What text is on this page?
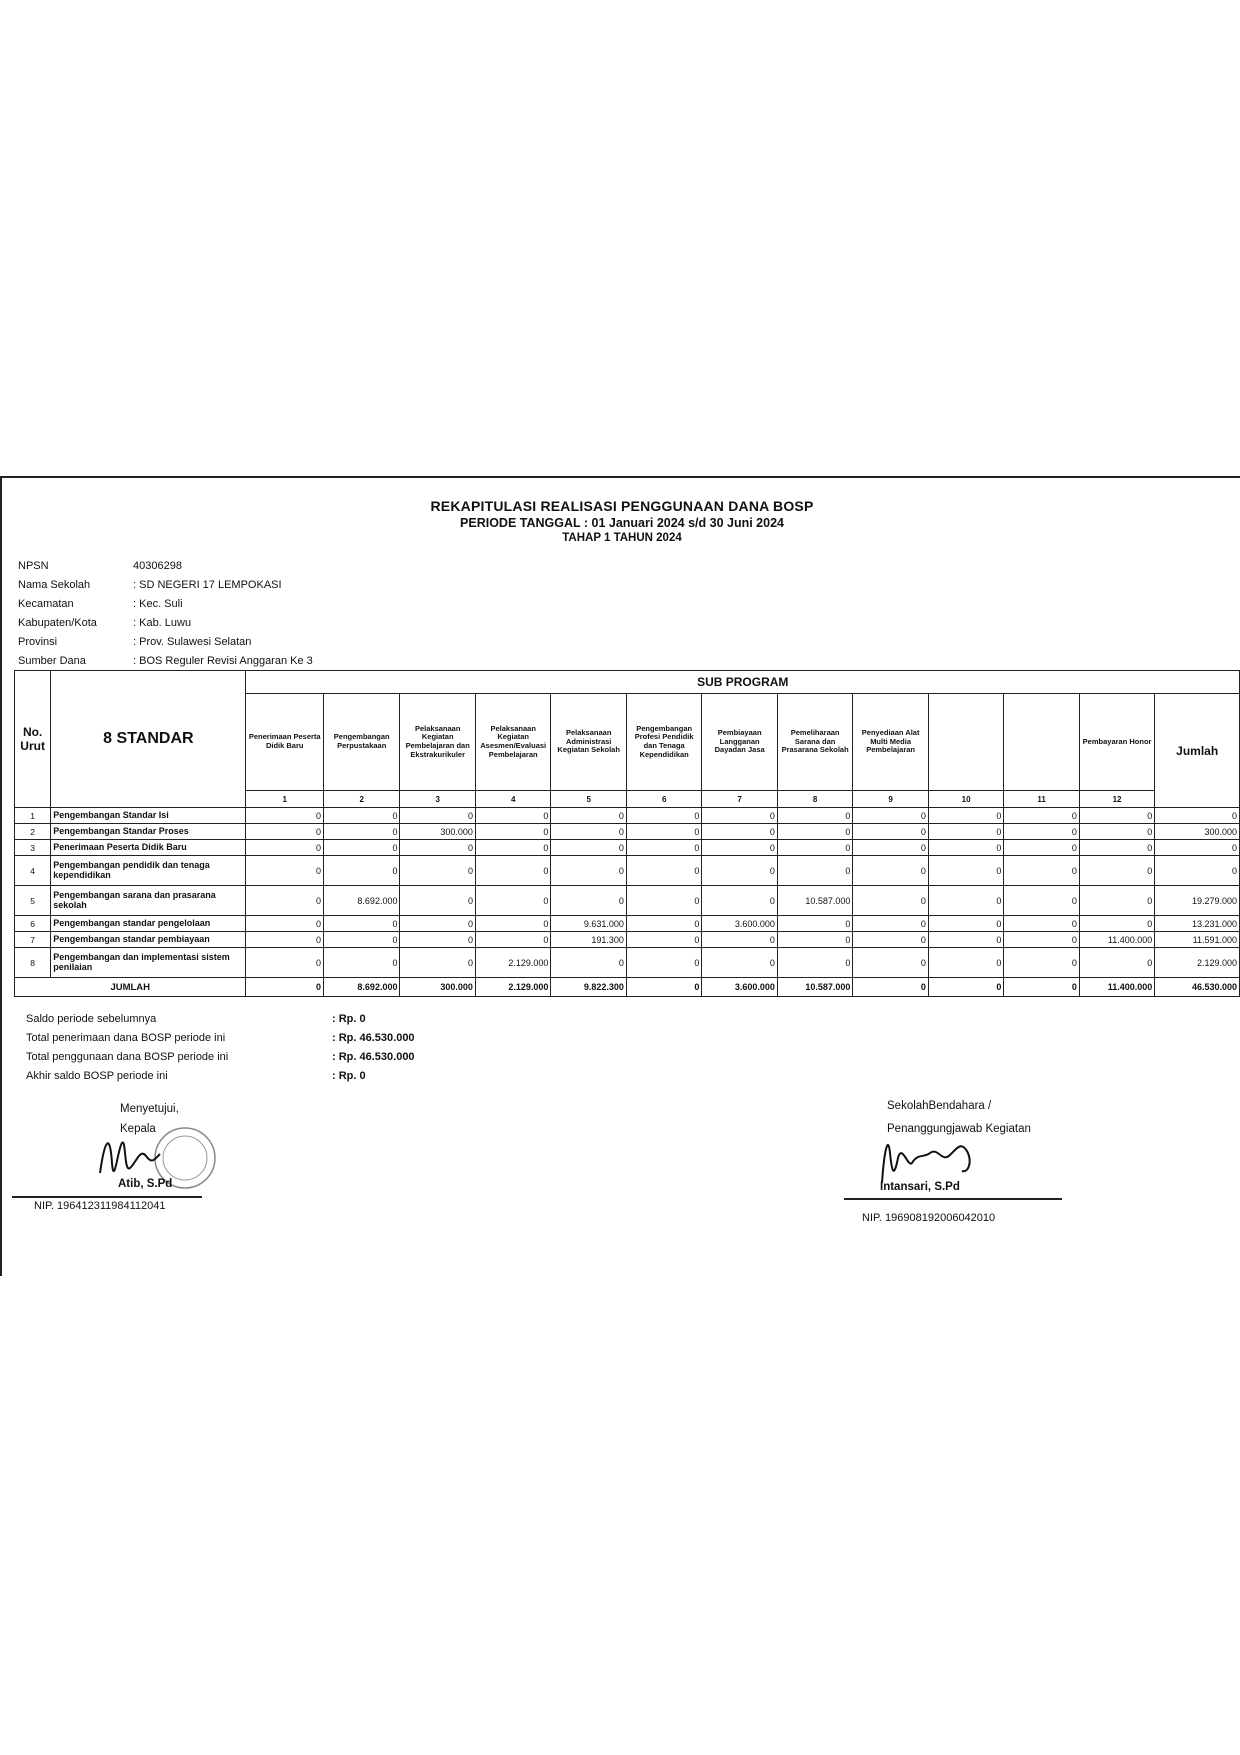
REKAPITULASI REALISASI PENGGUNAAN DANA BOSP
PERIODE TANGGAL : 01 Januari 2024 s/d 30 Juni 2024
TAHAP 1 TAHUN 2024
NPSN	40306298
Nama Sekolah	: SD NEGERI 17 LEMPOKASI
Kecamatan	: Kec. Suli
Kabupaten/Kota	: Kab. Luwu
Provinsi	: Prov. Sulawesi Selatan
Sumber Dana	: BOS Reguler Revisi Anggaran Ke 3
No. Urut	8 STANDAR	SUB PROGRAM												
		Penerimaan Peserta Didik Baru	Pengembangan Perpustakaan	Pelaksanaan Kegiatan Pembelajaran dan Ekstrakurikuler	Pelaksanaan Kegiatan Asesmen/Evaluasi Pembelajaran	Pelaksanaan Administrasi Kegiatan Sekolah	Pengembangan Profesi Pendidik dan Tenaga Kependidikan	Pembiayaan Langganan Dayadan Jasa	Pemeliharaan Sarana dan Prasarana Sekolah	Penyediaan Alat Multi Media Pembelajaran			Pembayaran Honor	Jumlah
		1	2	3	4	5	6	7	8	9	10	11	12	
1	Pengembangan Standar Isi	0	0	0	0	0	0	0	0	0	0	0	0	0
2	Pengembangan Standar Proses	0	0	300.000	0	0	0	0	0	0	0	0	0	300.000
3	Penerimaan Peserta Didik Baru	0	0	0	0	0	0	0	0	0	0	0	0	0
4	Pengembangan pendidik dan tenaga kependidikan	0	0	0	0	0	0	0	0	0	0	0	0	0
5	Pengembangan sarana dan prasarana sekolah	0	8.692.000	0	0	0	0	0	10.587.000	0	0	0	0	19.279.000
6	Pengembangan standar pengelolaan	0	0	0	0	9.631.000	0	3.600.000	0	0	0	0	0	13.231.000
7	Pengembangan standar pembiayaan	0	0	0	0	191.300	0	0	0	0	0	0	11.400.000	11.591.000
8	Pengembangan dan implementasi sistem penilaian	0	0	0	2.129.000	0	0	0	0	0	0	0	0	2.129.000
JUMLAH		0	8.692.000	300.000	2.129.000	9.822.300	0	3.600.000	10.587.000	0	0	0	11.400.000	46.530.000
Saldo periode sebelumnya	: Rp. 0
Total penerimaan dana BOSP periode ini	: Rp. 46.530.000
Total penggunaan dana BOSP periode ini	: Rp. 46.530.000
Akhir saldo BOSP periode ini	: Rp. 0
Menyetujui,
Kepala
Atib, S.Pd
NIP. 196412311984112041
SekolahBendahara /
Penanggungjawab Kegiatan
Intansari, S.Pd
NIP. 196908192006042010
